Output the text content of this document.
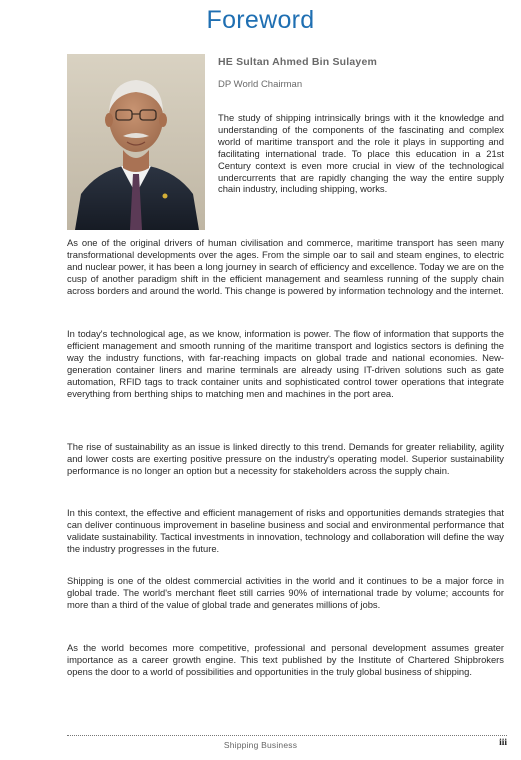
Foreword
HE Sultan Ahmed Bin Sulayem
DP World Chairman

The study of shipping intrinsically brings with it the knowledge and understanding of the components of the fascinating and complex world of maritime transport and the role it plays in supporting and facilitating international trade. To place this education in a 21st Century context is even more crucial in view of the technological undercurrents that are rapidly changing the way the entire supply chain industry, including shipping, works.

As one of the original drivers of human civilisation and commerce, maritime transport has seen many transformational developments over the ages. From the simple oar to sail and steam engines, to electric and nuclear power, it has been a long journey in search of efficiency and excellence. Today we are on the cusp of another paradigm shift in the efficient management and seamless running of the supply chain across borders and around the world. This change is powered by information technology and the internet.

In today's technological age, as we know, information is power. The flow of information that supports the efficient management and smooth running of the maritime transport and logistics sectors is defining the way the industry functions, with far-reaching impacts on global trade and national economies. New-generation container liners and marine terminals are already using IT-driven solutions such as gate automation, RFID tags to track container units and sophisticated control tower operations that integrate everything from berthing ships to matching men and machines in the port area.

The rise of sustainability as an issue is linked directly to this trend. Demands for greater reliability, agility and lower costs are exerting positive pressure on the industry's operating model. Superior sustainability performance is no longer an option but a necessity for stakeholders across the supply chain.

In this context, the effective and efficient management of risks and opportunities demands strategies that can deliver continuous improvement in baseline business and social and environmental performance that validate sustainability. Tactical investments in innovation, technology and collaboration will define the way the industry progresses in the future.

Shipping is one of the oldest commercial activities in the world and it continues to be a major force in global trade. The world's merchant fleet still carries 90% of international trade by volume; accounts for more than a third of the value of global trade and generates millions of jobs.

As the world becomes more competitive, professional and personal development assumes greater importance as a career growth engine. This text published by the Institute of Chartered Shipbrokers opens the door to a world of possibilities and opportunities in the truly global business of shipping.

Shipping Business	iii
